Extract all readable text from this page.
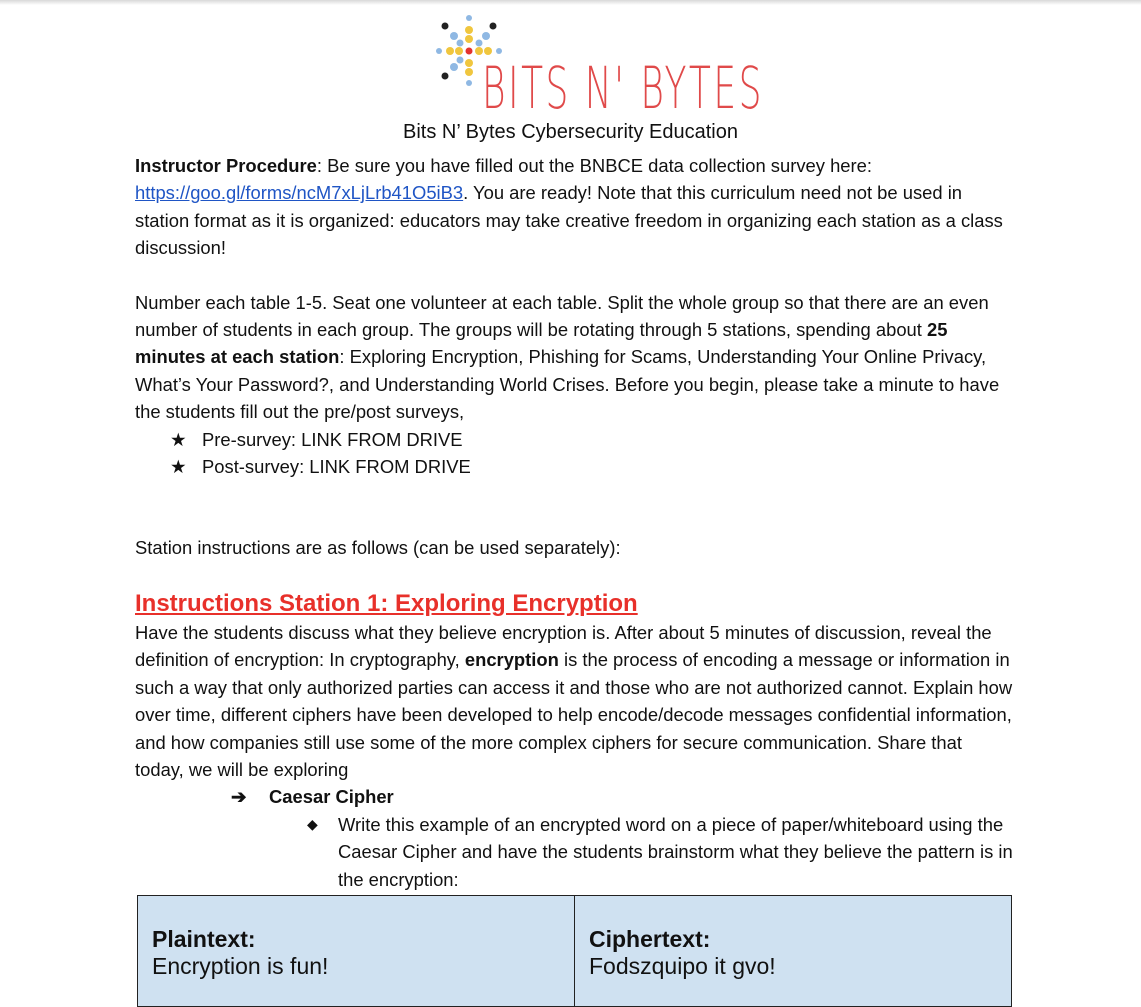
BITS N' BYTES
Bits N’ Bytes Cybersecurity Education

Instructor Procedure: Be sure you have filled out the BNBCE data collection survey here: https://goo.gl/forms/ncM7xLjLrb41O5iB3. You are ready! Note that this curriculum need not be used in station format as it is organized: educators may take creative freedom in organizing each station as a class discussion!

Number each table 1-5. Seat one volunteer at each table. Split the whole group so that there are an even number of students in each group. The groups will be rotating through 5 stations, spending about 25 minutes at each station: Exploring Encryption, Phishing for Scams, Understanding Your Online Privacy, What’s Your Password?, and Understanding World Crises. Before you begin, please take a minute to have the students fill out the pre/post surveys,

★ Pre-survey: LINK FROM DRIVE
★ Post-survey: LINK FROM DRIVE

Station instructions are as follows (can be used separately):

Instructions Station 1: Exploring Encryption

Have the students discuss what they believe encryption is. After about 5 minutes of discussion, reveal the definition of encryption: In cryptography, encryption is the process of encoding a message or information in such a way that only authorized parties can access it and those who are not authorized cannot. Explain how over time, different ciphers have been developed to help encode/decode messages confidential information, and how companies still use some of the more complex ciphers for secure communication. Share that today, we will be exploring

➔ Caesar Cipher

◆ Write this example of an encrypted word on a piece of paper/whiteboard using the Caesar Cipher and have the students brainstorm what they believe the pattern is in the encryption:

Plaintext:
Encryption is fun!

Ciphertext:
Fodszquipo it gvo!
